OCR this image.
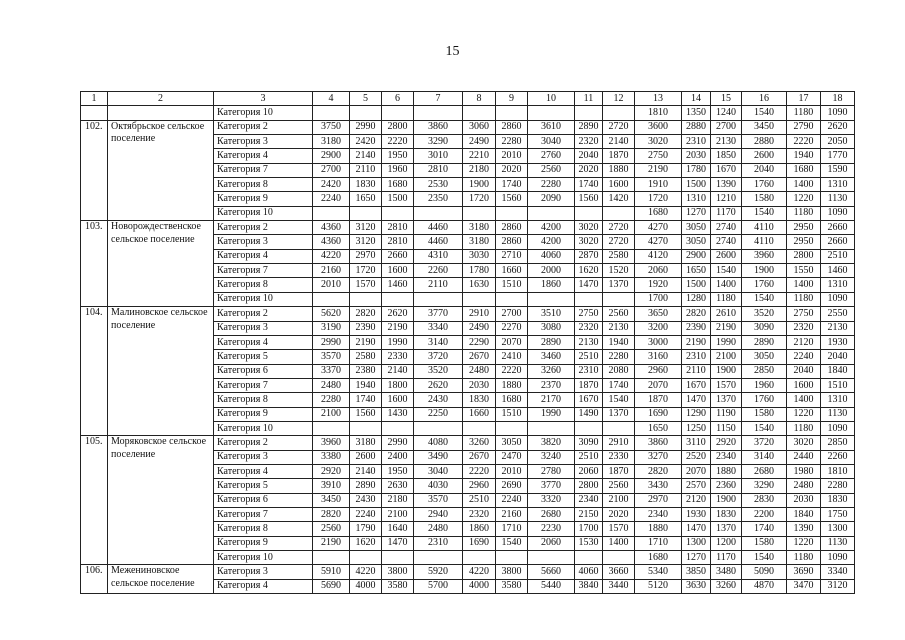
15
1	2	3	4	5	6	7	8	9	10	11	12	13	14	15	16	17	18
		Категория 10										1810	1350	1240	1540	1180	1090
102.	Октябрьское сельское поселение	Категория 2	3750	2990	2800	3860	3060	2860	3610	2890	2720	3600	2880	2700	3450	2790	2620
		Категория 3	3180	2420	2220	3290	2490	2280	3040	2320	2140	3020	2310	2130	2880	2220	2050
		Категория 4	2900	2140	1950	3010	2210	2010	2760	2040	1870	2750	2030	1850	2600	1940	1770
		Категория 7	2700	2110	1960	2810	2180	2020	2560	2020	1880	2190	1780	1670	2040	1680	1590
		Категория 8	2420	1830	1680	2530	1900	1740	2280	1740	1600	1910	1500	1390	1760	1400	1310
		Категория 9	2240	1650	1500	2350	1720	1560	2090	1560	1420	1720	1310	1210	1580	1220	1130
		Категория 10										1680	1270	1170	1540	1180	1090
103.	Новорождественское сельское поселение	Категория 2	4360	3120	2810	4460	3180	2860	4200	3020	2720	4270	3050	2740	4110	2950	2660
		Категория 3	4360	3120	2810	4460	3180	2860	4200	3020	2720	4270	3050	2740	4110	2950	2660
		Категория 4	4220	2970	2660	4310	3030	2710	4060	2870	2580	4120	2900	2600	3960	2800	2510
		Категория 7	2160	1720	1600	2260	1780	1660	2000	1620	1520	2060	1650	1540	1900	1550	1460
		Категория 8	2010	1570	1460	2110	1630	1510	1860	1470	1370	1920	1500	1400	1760	1400	1310
		Категория 10										1700	1280	1180	1540	1180	1090
104.	Малиновское сельское поселение	Категория 2	5620	2820	2620	3770	2910	2700	3510	2750	2560	3650	2820	2610	3520	2750	2550
		Категория 3	3190	2390	2190	3340	2490	2270	3080	2320	2130	3200	2390	2190	3090	2320	2130
		Категория 4	2990	2190	1990	3140	2290	2070	2890	2130	1940	3000	2190	1990	2890	2120	1930
		Категория 5	3570	2580	2330	3720	2670	2410	3460	2510	2280	3160	2310	2100	3050	2240	2040
		Категория 6	3370	2380	2140	3520	2480	2220	3260	2310	2080	2960	2110	1900	2850	2040	1840
		Категория 7	2480	1940	1800	2620	2030	1880	2370	1870	1740	2070	1670	1570	1960	1600	1510
		Категория 8	2280	1740	1600	2430	1830	1680	2170	1670	1540	1870	1470	1370	1760	1400	1310
		Категория 9	2100	1560	1430	2250	1660	1510	1990	1490	1370	1690	1290	1190	1580	1220	1130
		Категория 10										1650	1250	1150	1540	1180	1090
105.	Моряковское сельское поселение	Категория 2	3960	3180	2990	4080	3260	3050	3820	3090	2910	3860	3110	2920	3720	3020	2850
		Категория 3	3380	2600	2400	3490	2670	2470	3240	2510	2330	3270	2520	2340	3140	2440	2260
		Категория 4	2920	2140	1950	3040	2220	2010	2780	2060	1870	2820	2070	1880	2680	1980	1810
		Категория 5	3910	2890	2630	4030	2960	2690	3770	2800	2560	3430	2570	2360	3290	2480	2280
		Категория 6	3450	2430	2180	3570	2510	2240	3320	2340	2100	2970	2120	1900	2830	2030	1830
		Категория 7	2820	2240	2100	2940	2320	2160	2680	2150	2020	2340	1930	1830	2200	1840	1750
		Категория 8	2560	1790	1640	2480	1860	1710	2230	1700	1570	1880	1470	1370	1740	1390	1300
		Категория 9	2190	1620	1470	2310	1690	1540	2060	1530	1400	1710	1300	1200	1580	1220	1130
		Категория 10										1680	1270	1170	1540	1180	1090
106.	Межениновское сельское поселение	Категория 3	5910	4220	3800	5920	4220	3800	5660	4060	3660	5340	3850	3480	5090	3690	3340
		Категория 4	5690	4000	3580	5700	4000	3580	5440	3840	3440	5120	3630	3260	4870	3470	3120
